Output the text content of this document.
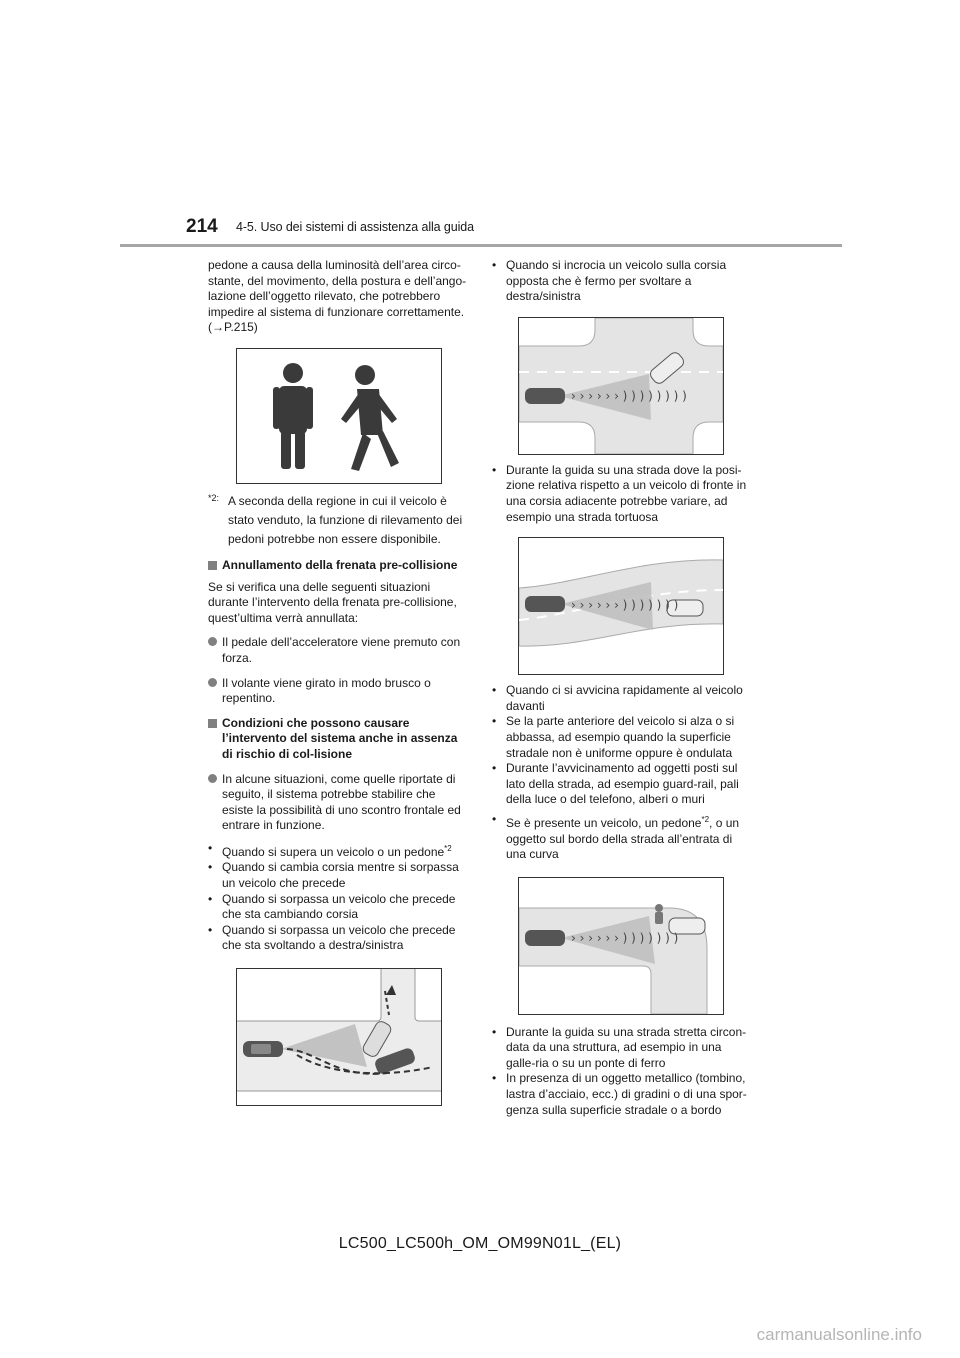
214 4-5. Uso dei sistemi di assistenza alla guida

pedone a causa della luminosità dell’area circo-stante, del movimento, della postura e dell’ango-lazione dell’oggetto rilevato, che potrebbero impedire al sistema di funzionare correttamente. (→P.215)

*2: A seconda della regione in cui il veicolo è stato venduto, la funzione di rilevamento dei pedoni potrebbe non essere disponibile.
Annullamento della frenata pre-collisione

Se si verifica una delle seguenti situazioni durante l’intervento della frenata pre-collisione, quest’ultima verrà annullata:

Il pedale dell’acceleratore viene premuto con forza.
Il volante viene girato in modo brusco o repentino.
Condizioni che possono causare l’intervento del sistema anche in assenza di rischio di col-lisione
In alcune situazioni, come quelle riportate di seguito, il sistema potrebbe stabilire che esiste la possibilità di uno scontro frontale ed entrare in funzione.
• Quando si supera un veicolo o un pedone$^{*2}$
• Quando si cambia corsia mentre si sorpassa un veicolo che precede
• Quando si sorpassa un veicolo che precede che sta cambiando corsia
• Quando si sorpassa un veicolo che precede che sta svoltando a destra/sinistra
• Quando si incrocia un veicolo sulla corsia opposta che è fermo per svoltare a destra/sinistra
› › › › › › ) ) ) ) ) ) ) )
• Durante la guida su una strada dove la posi-zione relativa rispetto a un veicolo di fronte in una corsia adiacente potrebbe variare, ad esempio una strada tortuosa
› › › › › › ) ) ) ) ) ) )
• Quando ci si avvicina rapidamente al veicolo davanti
• Se la parte anteriore del veicolo si alza o si abbassa, ad esempio quando la superficie stradale non è uniforme oppure è ondulata
• Durante l’avvicinamento ad oggetti posti sul lato della strada, ad esempio guard-rail, pali della luce o del telefono, alberi o muri
• Se è presente un veicolo, un pedone$^{*2}$, o un oggetto sul bordo della strada all’entrata di una curva
› › › › › › ) ) ) ) ) ) )
• Durante la guida su una strada stretta circon-data da una struttura, ad esempio in una galle-ria o su un ponte di ferro
• In presenza di un oggetto metallico (tombino, lastra d’acciaio, ecc.) di gradini o di una spor-genza sulla superficie stradale o a bordo
LC500_LC500h_OM_OM99N01L_(EL)
carmanualsonline.info
